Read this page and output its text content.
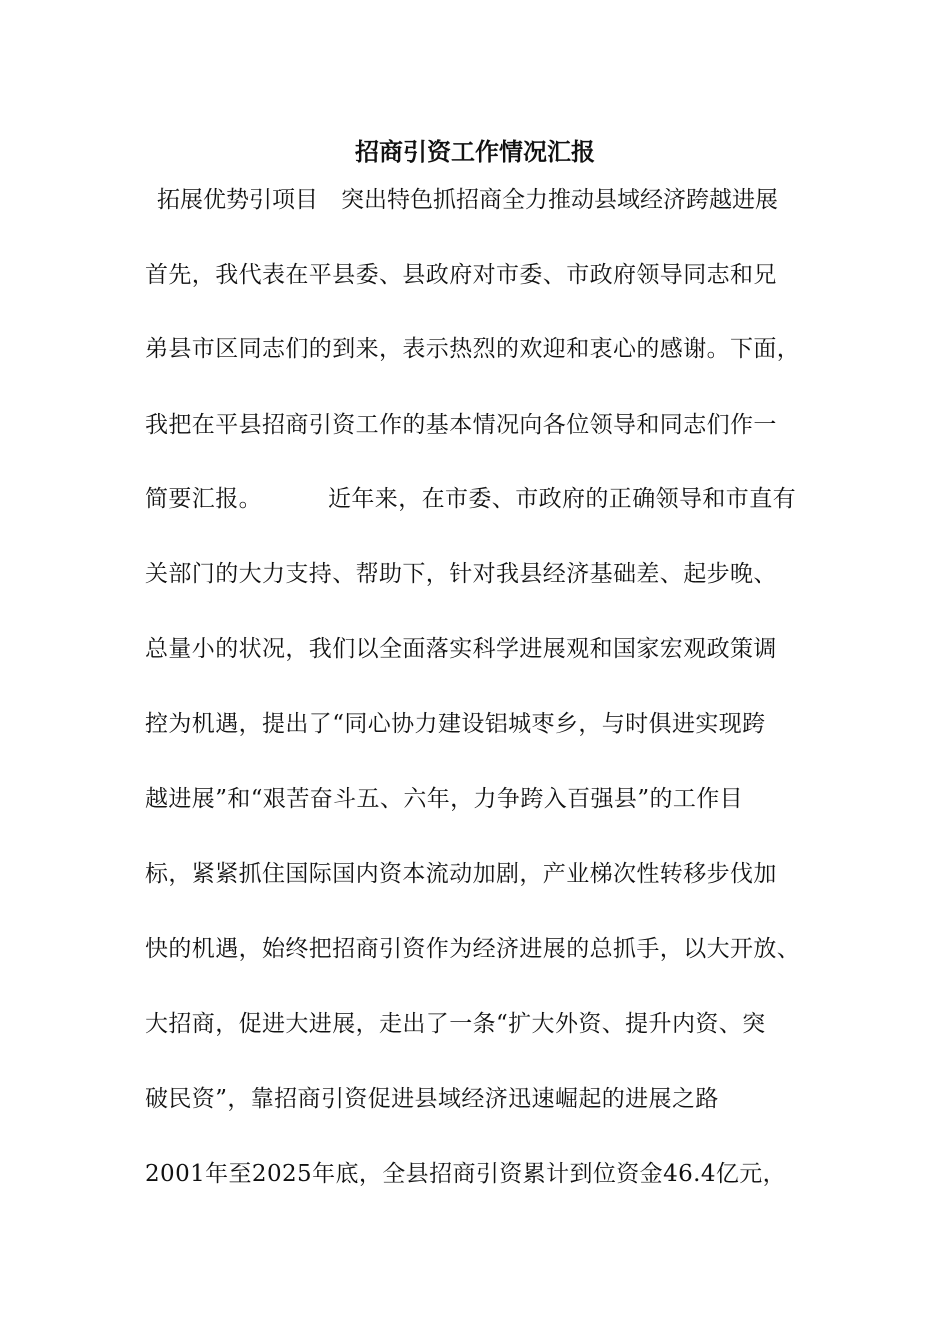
招商引资工作情况汇报
拓展优势引项目　突出特色抓招商全力推动县域经济跨越进展
首先，我代表在平县委、县政府对市委、市政府领导同志和兄
弟县市区同志们的到来，表示热烈的欢迎和衷心的感谢。下面，
我把在平县招商引资工作的基本情况向各位领导和同志们作一
简要汇报。	近年来，在市委、市政府的正确领导和市直有
关部门的大力支持、帮助下，针对我县经济基础差、起步晚、
总量小的状况，我们以全面落实科学进展观和国家宏观政策调
控为机遇，提出了“同心协力建设铝城枣乡，与时俱进实现跨
越进展”和“艰苦奋斗五、六年，力争跨入百强县”的工作目
标，紧紧抓住国际国内资本流动加剧，产业梯次性转移步伐加
快的机遇，始终把招商引资作为经济进展的总抓手，以大开放、
大招商，促进大进展，走出了一条“扩大外资、提升内资、突
破民资”，靠招商引资促进县域经济迅速崛起的进展之路
2001年至2025年底，全县招商引资累计到位资金46.4亿元，
